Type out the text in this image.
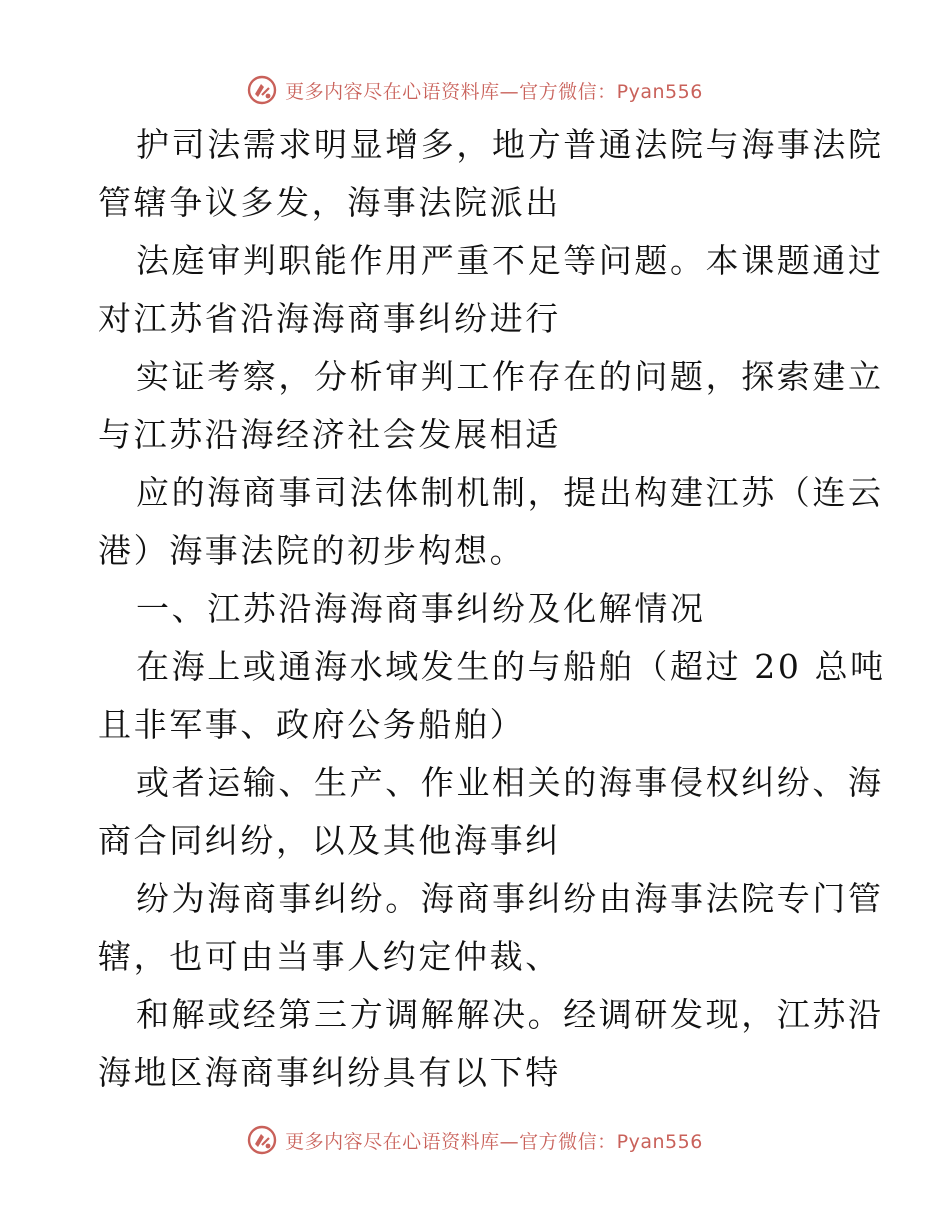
更多内容尽在心语资料库—官方微信：Pyan556
护司法需求明显增多，地方普通法院与海事法院
管辖争议多发，海事法院派出
法庭审判职能作用严重不足等问题。本课题通过
对江苏省沿海海商事纠纷进行
实证考察，分析审判工作存在的问题，探索建立
与江苏沿海经济社会发展相适
应的海商事司法体制机制，提出构建江苏（连云
港）海事法院的初步构想。
一、江苏沿海海商事纠纷及化解情况
在海上或通海水域发生的与船舶（超过 20 总吨
且非军事、政府公务船舶）
或者运输、生产、作业相关的海事侵权纠纷、海
商合同纠纷，以及其他海事纠
纷为海商事纠纷。海商事纠纷由海事法院专门管
辖，也可由当事人约定仲裁、
和解或经第三方调解解决。经调研发现，江苏沿
海地区海商事纠纷具有以下特
更多内容尽在心语资料库—官方微信：Pyan556
